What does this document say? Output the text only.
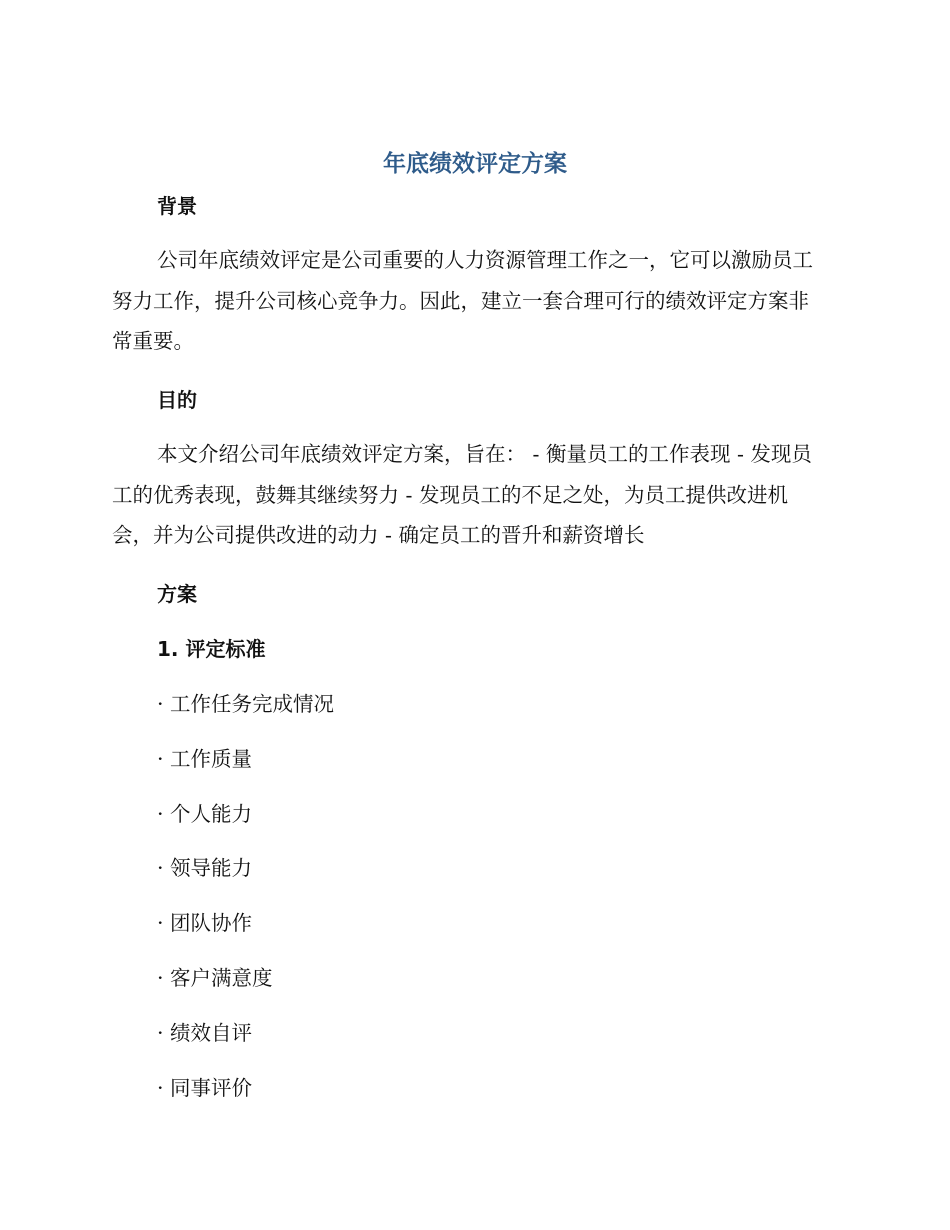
年底绩效评定方案
背景

公司年底绩效评定是公司重要的人力资源管理工作之一，它可以激励员工努力工作，提升公司核心竞争力。因此，建立一套合理可行的绩效评定方案非常重要。

目的

本文介绍公司年底绩效评定方案，旨在： - 衡量员工的工作表现 - 发现员工的优秀表现，鼓舞其继续努力 - 发现员工的不足之处，为员工提供改进机会，并为公司提供改进的动力 - 确定员工的晋升和薪资增长

方案
1. 评定标准

· 工作任务完成情况

· 工作质量

· 个人能力

· 领导能力

· 团队协作

· 客户满意度

· 绩效自评

· 同事评价
